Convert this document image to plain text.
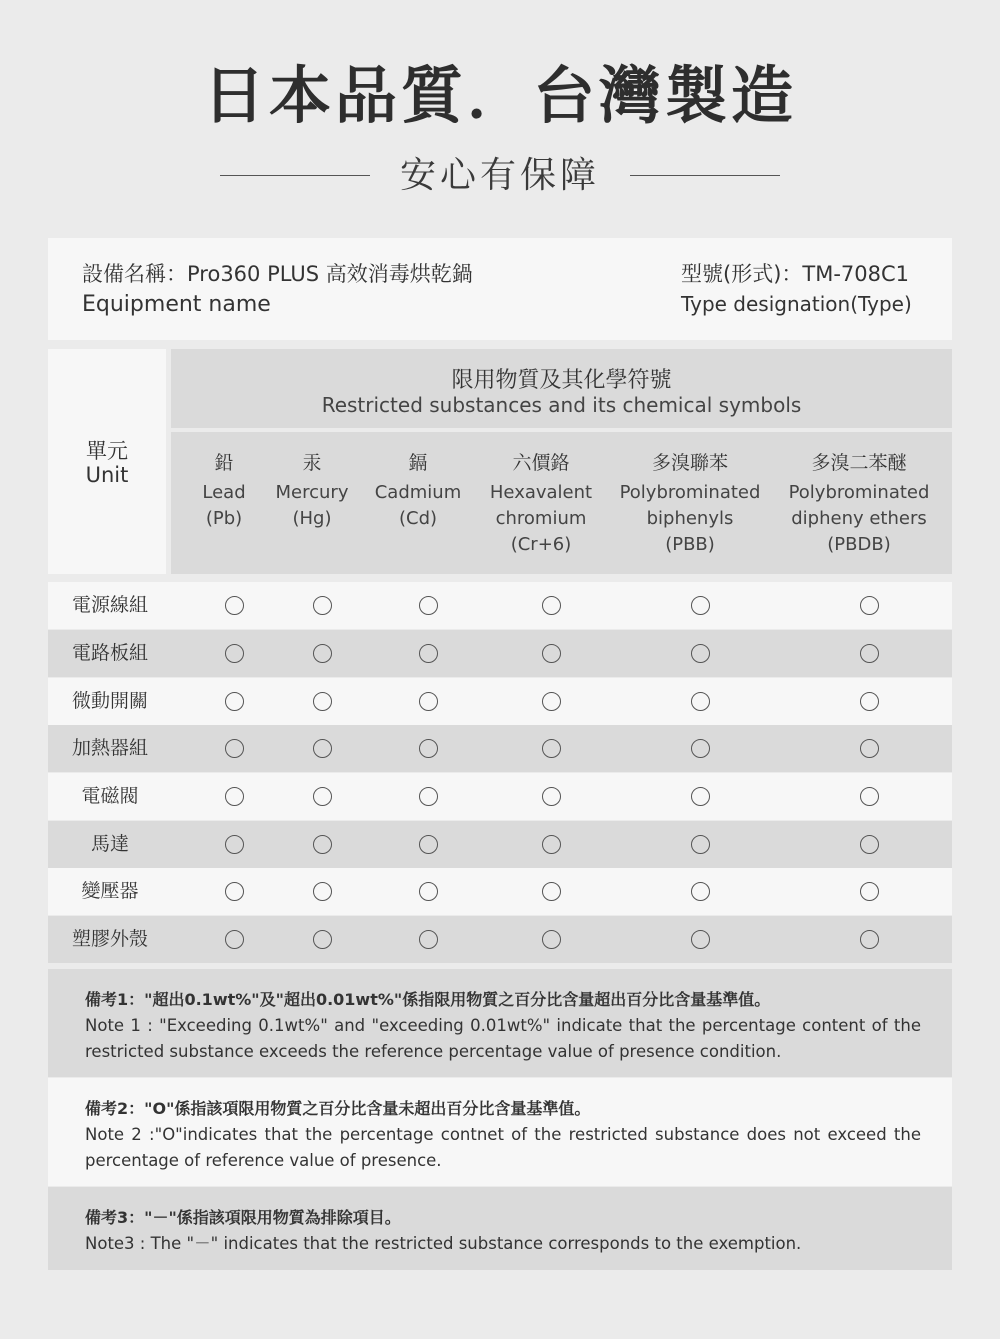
日本品質．台灣製造
安心有保障
設備名稱：Pro360 PLUS 高效消毒烘乾鍋
Equipment name
型號(形式)：TM-708C1
Type designation(Type)
單元
Unit
限用物質及其化學符號
Restricted substances and its chemical symbols
鉛
Lead
(Pb)
汞
Mercury
(Hg)
鎘
Cadmium
(Cd)
六價鉻
Hexavalent
chromium
(Cr+6)
多溴聯苯
Polybrominated
biphenyls
(PBB)
多溴二苯醚
Polybrominated
dipheny ethers
(PBDB)
電源線組
電路板組
微動開關
加熱器組
電磁閥
馬達
變壓器
塑膠外殼
備考1："超出0.1wt%"及"超出0.01wt%"係指限用物質之百分比含量超出百分比含量基準值。
Note 1 : "Exceeding 0.1wt%" and "exceeding 0.01wt%" indicate that the percentage content of the restricted substance exceeds the reference percentage value of presence condition.
備考2："O"係指該項限用物質之百分比含量未超出百分比含量基準值。
Note 2 :"O"indicates that the percentage contnet of the restricted substance does not exceed the percentage of reference value of presence.
備考3："－"係指該項限用物質為排除項目。
Note3 : The "－" indicates that the restricted substance corresponds to the exemption.
